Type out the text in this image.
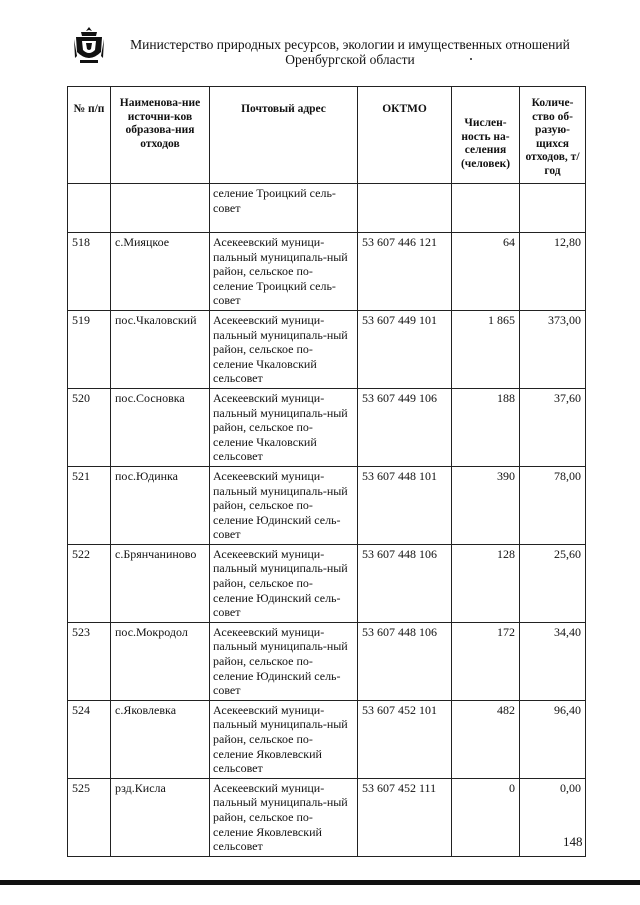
Министерство природных ресурсов, экологии и имущественных отношений
Оренбургской области
№ п/п	Наименова-ние источни-ков образова-ния отходов	Почтовый адрес	ОКТМО	Числен-ность на-селения (человек)	Количе-ство об-разую-щихся отходов, т/год
		селение Троицкий сель-совет			
518	с.Мияцкое	Асекеевский муници-пальный муниципаль-ный район, сельское по-селение Троицкий сель-совет	53 607 446 121	64	12,80
519	пос.Чкаловский	Асекеевский муници-пальный муниципаль-ный район, сельское по-селение Чкаловский сельсовет	53 607 449 101	1 865	373,00
520	пос.Сосновка	Асекеевский муници-пальный муниципаль-ный район, сельское по-селение Чкаловский сельсовет	53 607 449 106	188	37,60
521	пос.Юдинка	Асекеевский муници-пальный муниципаль-ный район, сельское по-селение Юдинский сель-совет	53 607 448 101	390	78,00
522	с.Брянчаниново	Асекеевский муници-пальный муниципаль-ный район, сельское по-селение Юдинский сель-совет	53 607 448 106	128	25,60
523	пос.Мокродол	Асекеевский муници-пальный муниципаль-ный район, сельское по-селение Юдинский сель-совет	53 607 448 106	172	34,40
524	с.Яковлевка	Асекеевский муници-пальный муниципаль-ный район, сельское по-селение Яковлевский сельсовет	53 607 452 101	482	96,40
525	рзд.Кисла	Асекеевский муници-пальный муниципаль-ный район, сельское по-селение Яковлевский сельсовет	53 607 452 111	0	0,00
148
